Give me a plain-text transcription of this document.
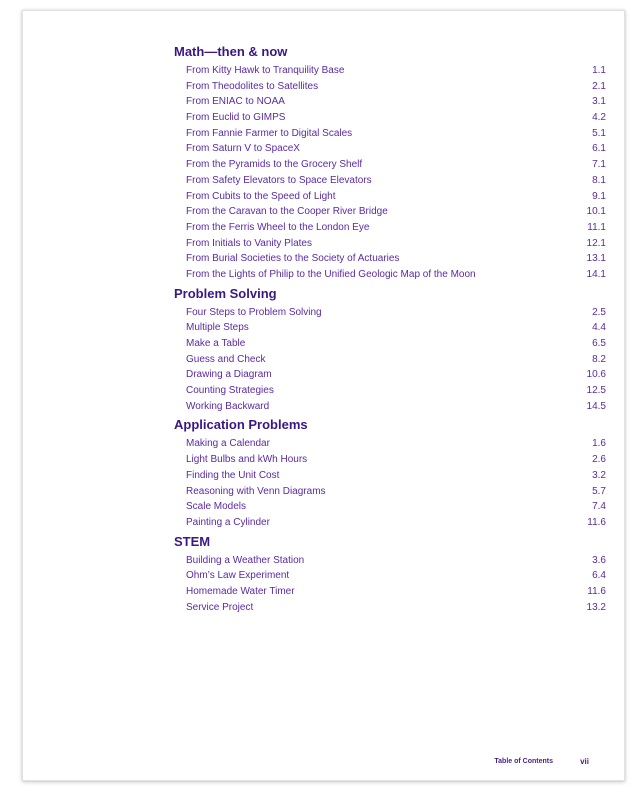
Math—then & now
From Kitty Hawk to Tranquility Base	1.1
From Theodolites to Satellites	2.1
From ENIAC to NOAA	3.1
From Euclid to GIMPS	4.2
From Fannie Farmer to Digital Scales	5.1
From Saturn V to SpaceX	6.1
From the Pyramids to the Grocery Shelf	7.1
From Safety Elevators to Space Elevators	8.1
From Cubits to the Speed of Light	9.1
From the Caravan to the Cooper River Bridge	10.1
From the Ferris Wheel to the London Eye	11.1
From Initials to Vanity Plates	12.1
From Burial Societies to the Society of Actuaries	13.1
From the Lights of Philip to the Unified Geologic Map of the Moon	14.1
Problem Solving
Four Steps to Problem Solving	2.5
Multiple Steps	4.4
Make a Table	6.5
Guess and Check	8.2
Drawing a Diagram	10.6
Counting Strategies	12.5
Working Backward	14.5
Application Problems
Making a Calendar	1.6
Light Bulbs and kWh Hours	2.6
Finding the Unit Cost	3.2
Reasoning with Venn Diagrams	5.7
Scale Models	7.4
Painting a Cylinder	11.6
STEM
Building a Weather Station	3.6
Ohm’s Law Experiment	6.4
Homemade Water Timer	11.6
Service Project	13.2
Table of Contents	vii
